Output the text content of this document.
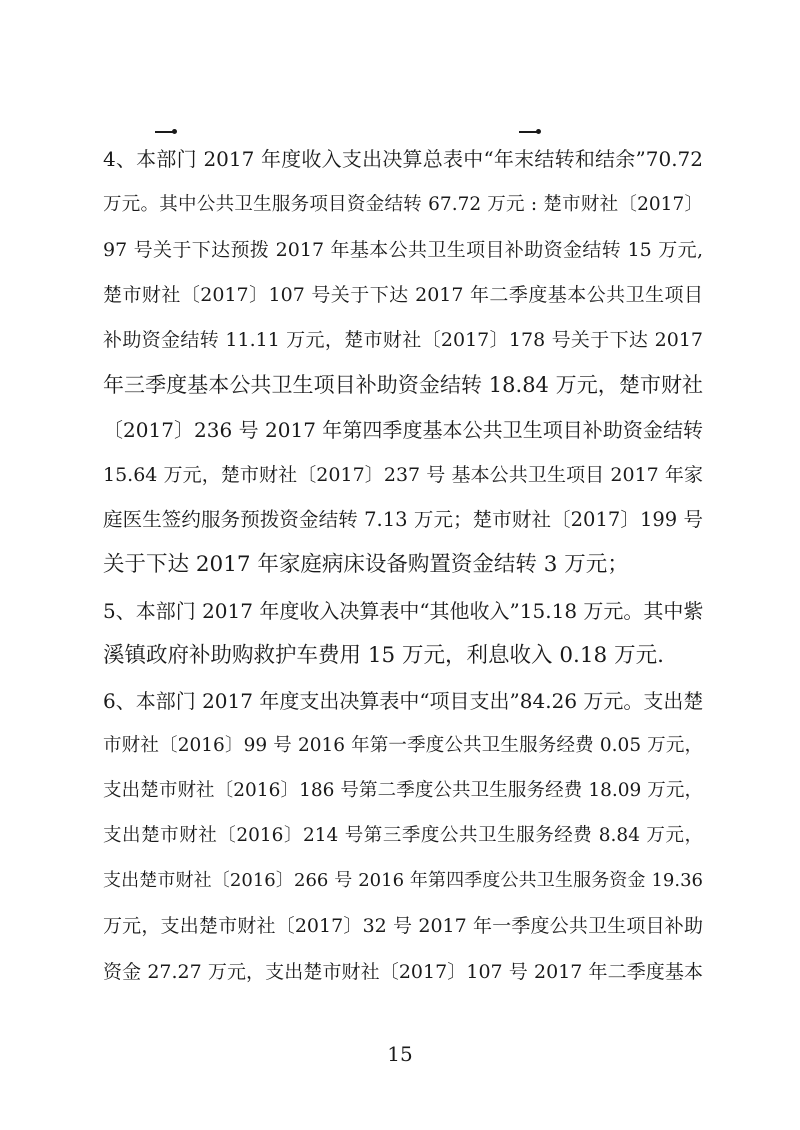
4、本部门 2017 年度收入支出决算总表中“年末结转和结余”70.72
万元。其中公共卫生服务项目资金结转 67.72 万元 : 楚市财社〔2017〕
97 号关于下达预拨 2017 年基本公共卫生项目补助资金结转 15 万元,
楚市财社〔2017〕107 号关于下达 2017 年二季度基本公共卫生项目
补助资金结转 11.11 万元，楚市财社〔2017〕178 号关于下达 2017
年三季度基本公共卫生项目补助资金结转 18.84 万元，楚市财社
〔2017〕236 号 2017 年第四季度基本公共卫生项目补助资金结转
15.64 万元，楚市财社〔2017〕237 号 基本公共卫生项目 2017 年家
庭医生签约服务预拨资金结转 7.13 万元；楚市财社〔2017〕199 号
关于下达 2017 年家庭病床设备购置资金结转 3 万元；
5、本部门 2017 年度收入决算表中“其他收入”15.18 万元。其中紫
溪镇政府补助购救护车费用 15 万元，利息收入 0.18 万元.
6、本部门 2017 年度支出决算表中“项目支出”84.26 万元。支出楚
市财社〔2016〕99 号 2016 年第一季度公共卫生服务经费 0.05 万元，
支出楚市财社〔2016〕186 号第二季度公共卫生服务经费 18.09 万元，
支出楚市财社〔2016〕214 号第三季度公共卫生服务经费 8.84 万元，
支出楚市财社〔2016〕266 号 2016 年第四季度公共卫生服务资金 19.36
万元，支出楚市财社〔2017〕32 号 2017 年一季度公共卫生项目补助
资金 27.27 万元，支出楚市财社〔2017〕107 号 2017 年二季度基本
15
